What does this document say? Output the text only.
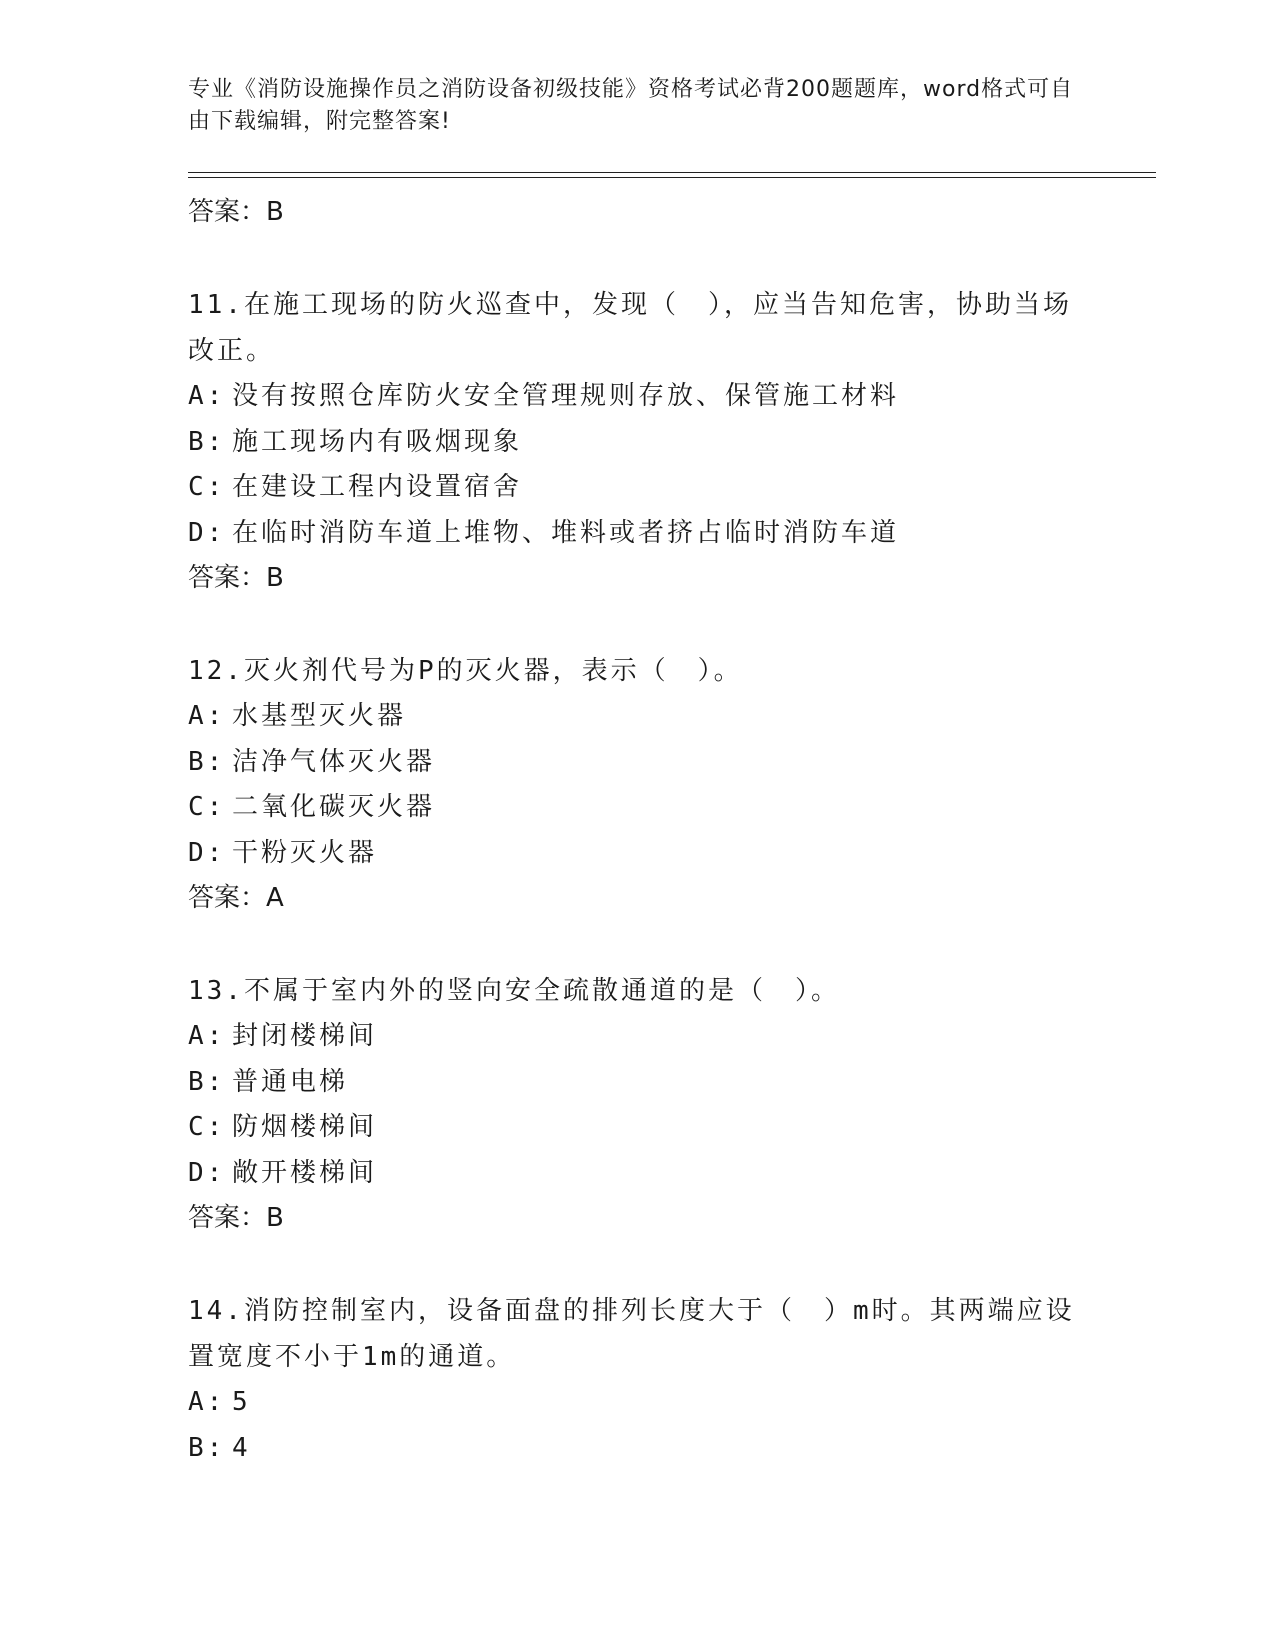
专业《消防设施操作员之消防设备初级技能》资格考试必背200题题库，word格式可自由下载编辑，附完整答案!
答案：B

11.在施工现场的防火巡查中，发现（　），应当告知危害，协助当场改正。

A: 没有按照仓库防火安全管理规则存放、保管施工材料
B: 施工现场内有吸烟现象
C: 在建设工程内设置宿舍
D: 在临时消防车道上堆物、堆料或者挤占临时消防车道
答案：B

12.灭火剂代号为P的灭火器，表示（　）。

A: 水基型灭火器
B: 洁净气体灭火器
C: 二氧化碳灭火器
D: 干粉灭火器
答案：A

13.不属于室内外的竖向安全疏散通道的是（　）。

A: 封闭楼梯间
B: 普通电梯
C: 防烟楼梯间
D: 敞开楼梯间
答案：B

14.消防控制室内，设备面盘的排列长度大于（　）m时。其两端应设置宽度不小于1m的通道。

A: 5
B: 4
